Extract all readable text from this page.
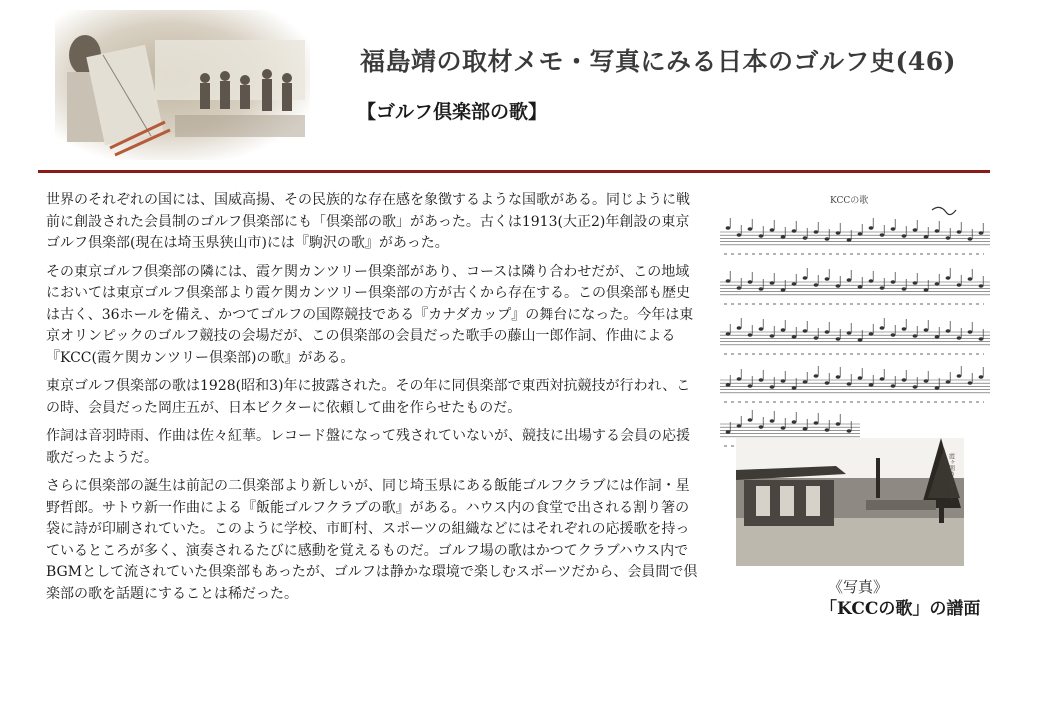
福島靖の取材メモ・写真にみる日本のゴルフ史(46)
【ゴルフ倶楽部の歌】

世界のそれぞれの国には、国威高揚、その民族的な存在感を象徴するような国歌がある。同じように戦前に創設された会員制のゴルフ倶楽部にも「倶楽部の歌」があった。古くは1913(大正2)年創設の東京ゴルフ倶楽部(現在は埼玉県狭山市)には『駒沢の歌』があった。

その東京ゴルフ倶楽部の隣には、霞ケ関カンツリー倶楽部があり、コースは隣り合わせだが、この地域においては東京ゴルフ倶楽部より霞ケ関カンツリー倶楽部の方が古くから存在する。この倶楽部も歴史は古く、36ホールを備え、かつてゴルフの国際競技である『カナダカップ』の舞台になった。今年は東京オリンピックのゴルフ競技の会場だが、この倶楽部の会員だった歌手の藤山一郎作詞、作曲による『KCC(霞ケ関カンツリー倶楽部)の歌』がある。

東京ゴルフ倶楽部の歌は1928(昭和3)年に披露された。その年に同倶楽部で東西対抗競技が行われ、この時、会員だった岡庄五が、日本ビクターに依頼して曲を作らせたものだ。

作詞は音羽時雨、作曲は佐々紅華。レコード盤になって残されていないが、競技に出場する会員の応援歌だったようだ。

さらに倶楽部の誕生は前記の二倶楽部より新しいが、同じ埼玉県にある飯能ゴルフクラブには作詞・星野哲郎。サトウ新一作曲による『飯能ゴルフクラブの歌』がある。ハウス内の食堂で出される割り箸の袋に詩が印刷されていた。このように学校、市町村、スポーツの組織などにはそれぞれの応援歌を持っているところが多く、演奏されるたびに感動を覚えるものだ。ゴルフ場の歌はかつてクラブハウス内でBGMとして流されていた倶楽部もあったが、ゴルフは静かな環境で楽しむスポーツだから、会員間で倶楽部の歌を話題にすることは稀だった。

KCCの歌
霞ヶ関カンツリー
《写真》
「KCCの歌」の譜面
